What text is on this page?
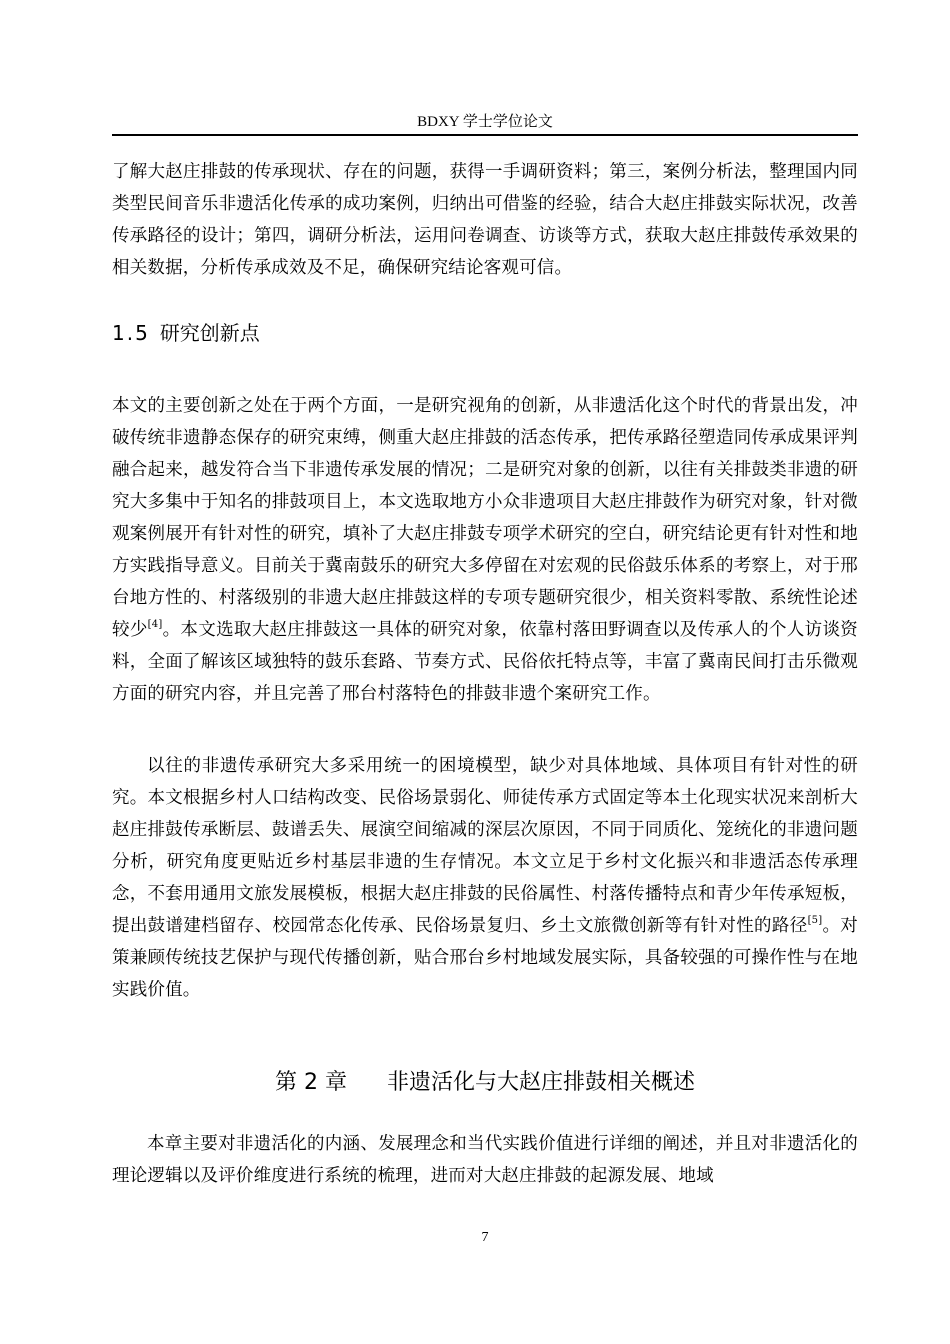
BDXY 学士学位论文

了解大赵庄排鼓的传承现状、存在的问题，获得一手调研资料；第三，案例分析法，整理国内同类型民间音乐非遗活化传承的成功案例，归纳出可借鉴的经验，结合大赵庄排鼓实际状况，改善传承路径的设计；第四，调研分析法，运用问卷调查、访谈等方式，获取大赵庄排鼓传承效果的相关数据，分析传承成效及不足，确保研究结论客观可信。

1.5 研究创新点

本文的主要创新之处在于两个方面，一是研究视角的创新，从非遗活化这个时代的背景出发，冲破传统非遗静态保存的研究束缚，侧重大赵庄排鼓的活态传承，把传承路径塑造同传承成果评判融合起来，越发符合当下非遗传承发展的情况；二是研究对象的创新，以往有关排鼓类非遗的研究大多集中于知名的排鼓项目上，本文选取地方小众非遗项目大赵庄排鼓作为研究对象，针对微观案例展开有针对性的研究，填补了大赵庄排鼓专项学术研究的空白，研究结论更有针对性和地方实践指导意义。目前关于冀南鼓乐的研究大多停留在对宏观的民俗鼓乐体系的考察上，对于邢台地方性的、村落级别的非遗大赵庄排鼓这样的专项专题研究很少，相关资料零散、系统性论述较少[4]。本文选取大赵庄排鼓这一具体的研究对象，依靠村落田野调查以及传承人的个人访谈资料，全面了解该区域独特的鼓乐套路、节奏方式、民俗依托特点等，丰富了冀南民间打击乐微观方面的研究内容，并且完善了邢台村落特色的排鼓非遗个案研究工作。

以往的非遗传承研究大多采用统一的困境模型，缺少对具体地域、具体项目有针对性的研究。本文根据乡村人口结构改变、民俗场景弱化、师徒传承方式固定等本土化现实状况来剖析大赵庄排鼓传承断层、鼓谱丢失、展演空间缩减的深层次原因，不同于同质化、笼统化的非遗问题分析，研究角度更贴近乡村基层非遗的生存情况。本文立足于乡村文化振兴和非遗活态传承理念，不套用通用文旅发展模板，根据大赵庄排鼓的民俗属性、村落传播特点和青少年传承短板，提出鼓谱建档留存、校园常态化传承、民俗场景复归、乡土文旅微创新等有针对性的路径[5]。对策兼顾传统技艺保护与现代传播创新，贴合邢台乡村地域发展实际，具备较强的可操作性与在地实践价值。

第 2 章 非遗活化与大赵庄排鼓相关概述

本章主要对非遗活化的内涵、发展理念和当代实践价值进行详细的阐述，并且对非遗活化的理论逻辑以及评价维度进行系统的梳理，进而对大赵庄排鼓的起源发展、地域

7
